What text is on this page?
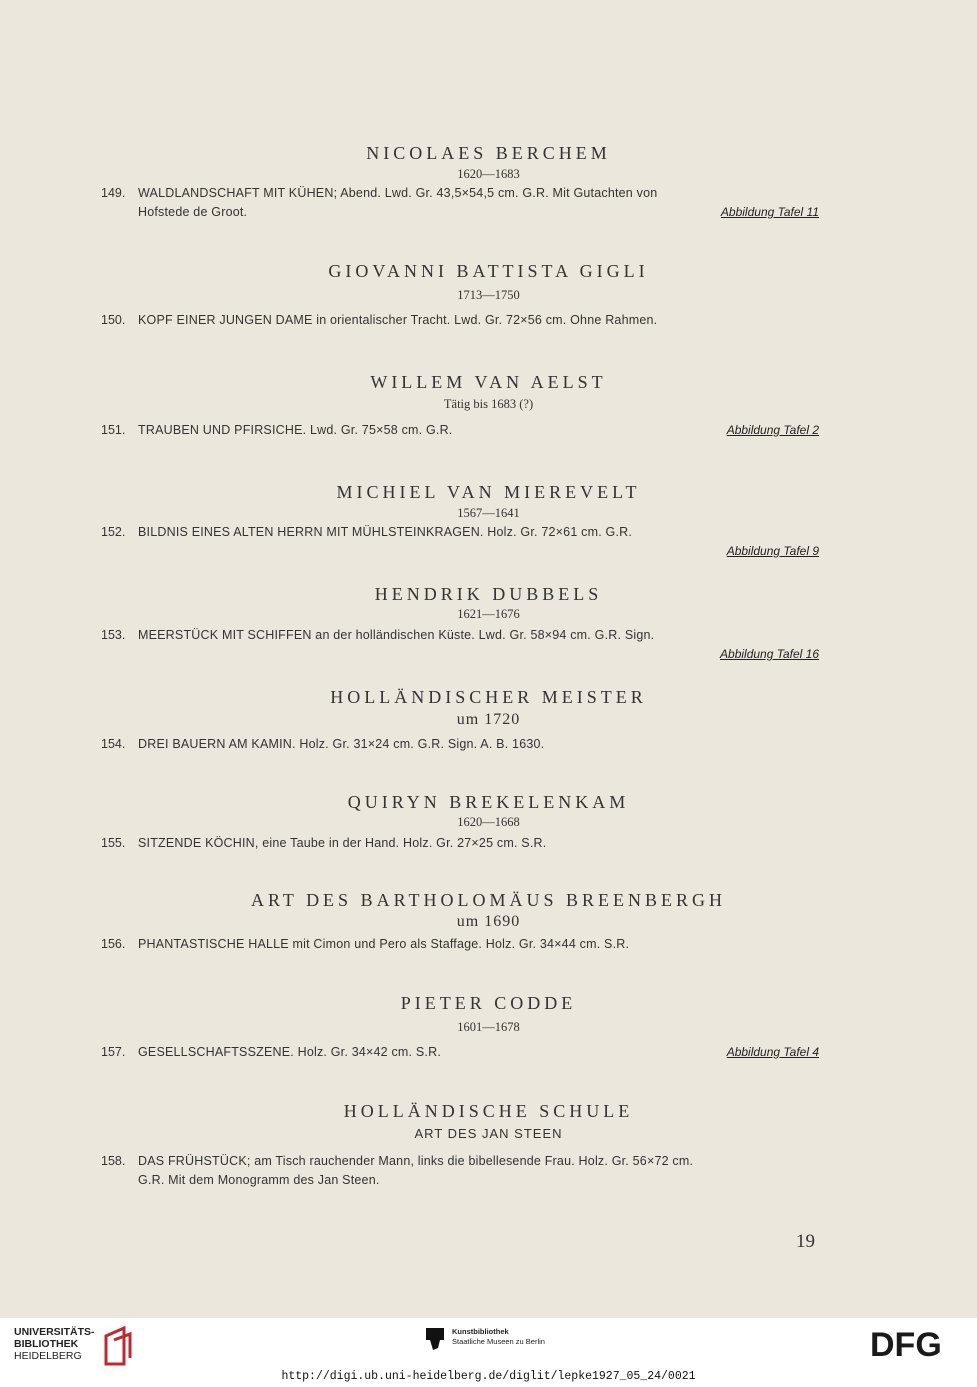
NICOLAES BERCHEM
1620—1683
149. WALDLANDSCHAFT MIT KÜHEN; Abend. Lwd. Gr. 43,5×54,5 cm. G.R. Mit Gutachten von
Hofstede de Groot.	Abbildung Tafel 11
GIOVANNI BATTISTA GIGLI
1713—1750
150. KOPF EINER JUNGEN DAME in orientalischer Tracht. Lwd. Gr. 72×56 cm. Ohne Rahmen.
WILLEM VAN AELST
Tätig bis 1683 (?)
151. TRAUBEN UND PFIRSICHE. Lwd. Gr. 75×58 cm. G.R.	Abbildung Tafel 2
MICHIEL VAN MIEREVELT
1567—1641
152. BILDNIS EINES ALTEN HERRN MIT MÜHLSTEINKRAGEN. Holz. Gr. 72×61 cm. G.R.
Abbildung Tafel 9
HENDRIK DUBBELS
1621—1676
153. MEERSTÜCK MIT SCHIFFEN an der holländischen Küste. Lwd. Gr. 58×94 cm. G.R. Sign.
Abbildung Tafel 16
HOLLÄNDISCHER MEISTER
um 1720
154. DREI BAUERN AM KAMIN. Holz. Gr. 31×24 cm. G.R. Sign. A. B. 1630.
QUIRYN BREKELENKAM
1620—1668
155. SITZENDE KÖCHIN, eine Taube in der Hand. Holz. Gr. 27×25 cm. S.R.
ART DES BARTHOLOMÄUS BREENBERGH
um 1690
156. PHANTASTISCHE HALLE mit Cimon und Pero als Staffage. Holz. Gr. 34×44 cm. S.R.
PIETER CODDE
1601—1678
157. GESELLSCHAFTSSZENE. Holz. Gr. 34×42 cm. S.R.	Abbildung Tafel 4
HOLLÄNDISCHE SCHULE
ART DES JAN STEEN
158. DAS FRÜHSTÜCK; am Tisch rauchender Mann, links die bibellesende Frau. Holz. Gr. 56×72 cm.
G.R. Mit dem Monogramm des Jan Steen.
19
UNIVERSITÄTS-
BIBLIOTHEK
HEIDELBERG
Kunstbibliothek
Staatliche Museen zu Berlin	DFG
http://digi.ub.uni-heidelberg.de/diglit/lepke1927_05_24/0021
